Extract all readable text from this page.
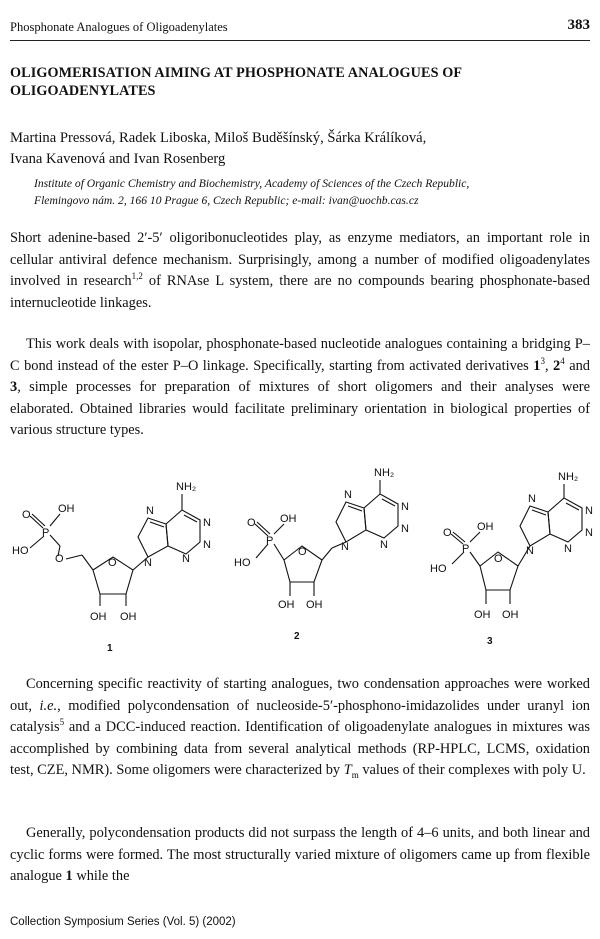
Phosphonate Analogues of Oligoadenylates	383
OLIGOMERISATION AIMING AT PHOSPHONATE ANALOGUES OF OLIGOADENYLATES
Martina Pressová, Radek Liboska, Miloš Buděšínský, Šárka Králíková,
Ivana Kavenová and Ivan Rosenberg
Institute of Organic Chemistry and Biochemistry, Academy of Sciences of the Czech Republic,
Flemingovo nám. 2, 166 10 Prague 6, Czech Republic; e-mail: ivan@uochb.cas.cz
Short adenine-based 2′-5′ oligoribonucleotides play, as enzyme mediators, an important role in cellular antiviral defence mechanism. Surprisingly, among a number of modified oligoadenylates involved in research$^{1,2}$ of RNAse L system, there are no compounds bearing phosphonate-based internucleotide linkages.
This work deals with isopolar, phosphonate-based nucleotide analogues containing a bridging P–C bond instead of the ester P–O linkage. Specifically, starting from activated derivatives $1^3$, $2^4$ and 3, simple processes for preparation of mixtures of short oligomers and their analyses were elaborated. Obtained libraries would facilitate preliminary orientation in biological properties of various structure types.
NH₂
N
N
N
N
N
O
O
P
OH
HO
O
OH OH
1
NH₂
N
N
N
N
N
O
O
P
OH
HO
OH OH
2
NH₂
N
N
N
N
N
O
O
P
OH
HO
OH OH
3
Concerning specific reactivity of starting analogues, two condensation approaches were worked out, i.e., modified polycondensation of nucleoside-5′-phosphono-imidazolides under uranyl ion catalysis$^5$ and a DCC-induced reaction. Identification of oligoadenylate analogues in mixtures was accomplished by combining data from several analytical methods (RP-HPLC, LCMS, oxidation test, CZE, NMR). Some oligomers were characterized by $T_m$ values of their complexes with poly U.
Generally, polycondensation products did not surpass the length of 4–6 units, and both linear and cyclic forms were formed. The most structurally varied mixture of oligomers came up from flexible analogue 1 while the
Collection Symposium Series (Vol. 5) (2002)
